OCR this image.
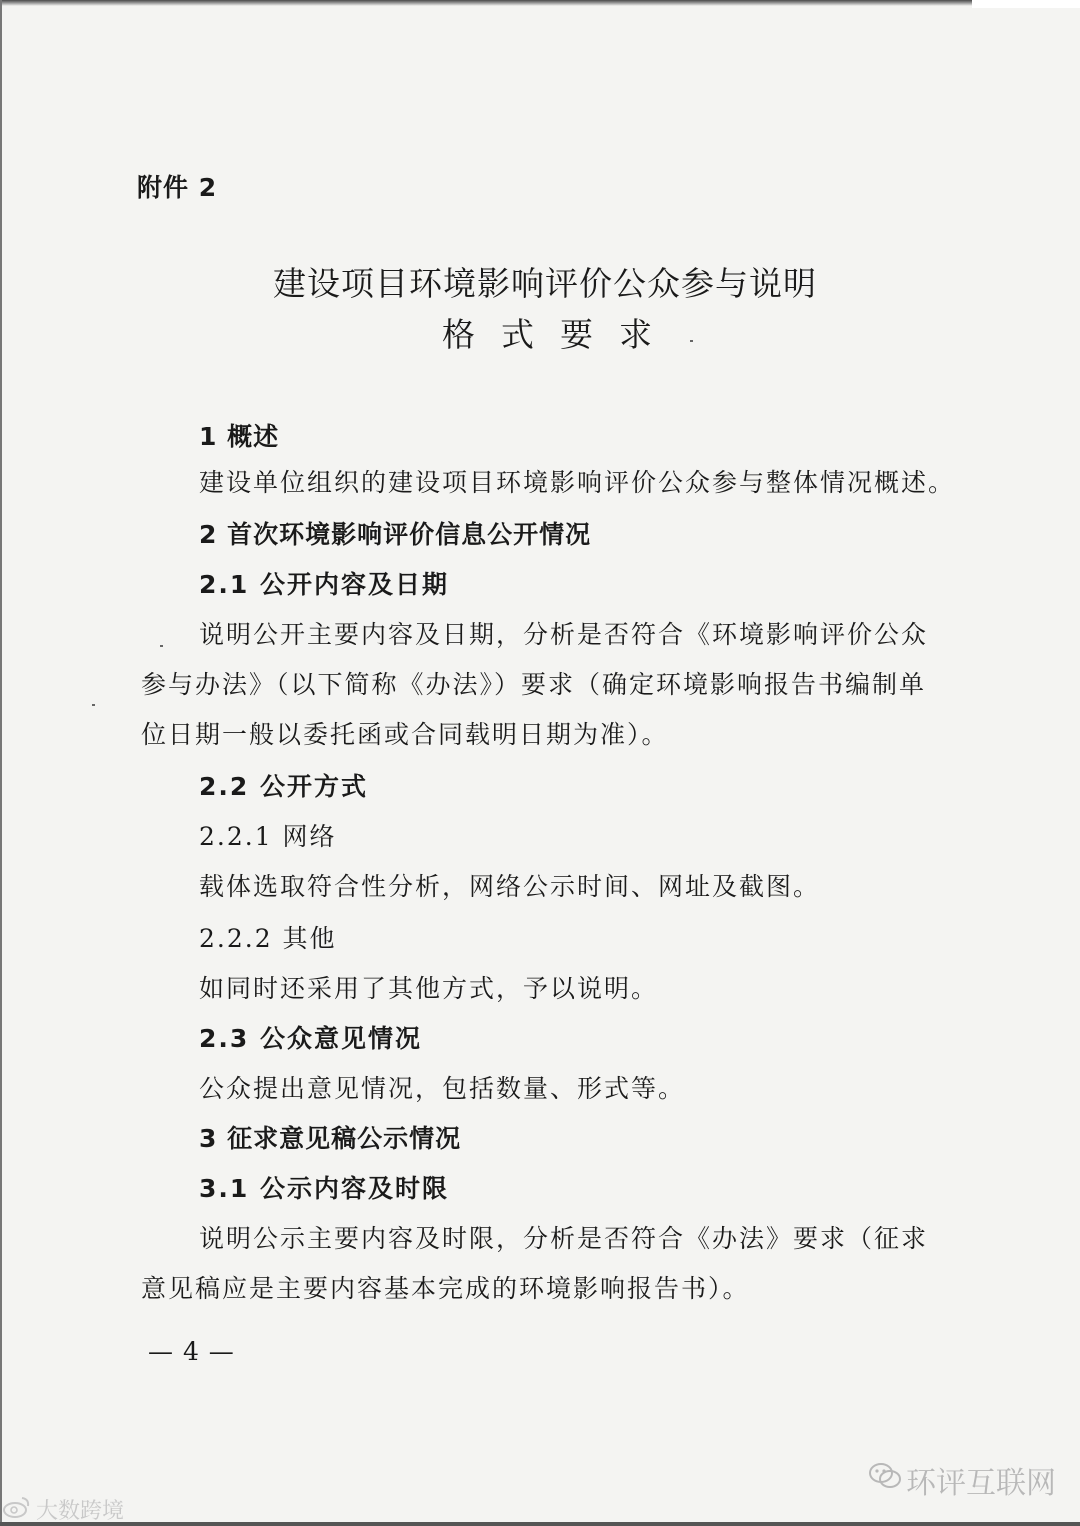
附件 2
建设项目环境影响评价公众参与说明
格式要求
1 概述
建设单位组织的建设项目环境影响评价公众参与整体情况概述。
2 首次环境影响评价信息公开情况
2.1 公开内容及日期
说明公开主要内容及日期，分析是否符合《环境影响评价公众
参与办法》（以下简称《办法》）要求（确定环境影响报告书编制单
位日期一般以委托函或合同载明日期为准）。
2.2 公开方式
2.2.1 网络
载体选取符合性分析，网络公示时间、网址及截图。
2.2.2 其他
如同时还采用了其他方式，予以说明。
2.3 公众意见情况
公众提出意见情况，包括数量、形式等。
3 征求意见稿公示情况
3.1 公示内容及时限
说明公示主要内容及时限，分析是否符合《办法》要求（征求
意见稿应是主要内容基本完成的环境影响报告书）。
— 4 —
环评互联网
大数跨境
